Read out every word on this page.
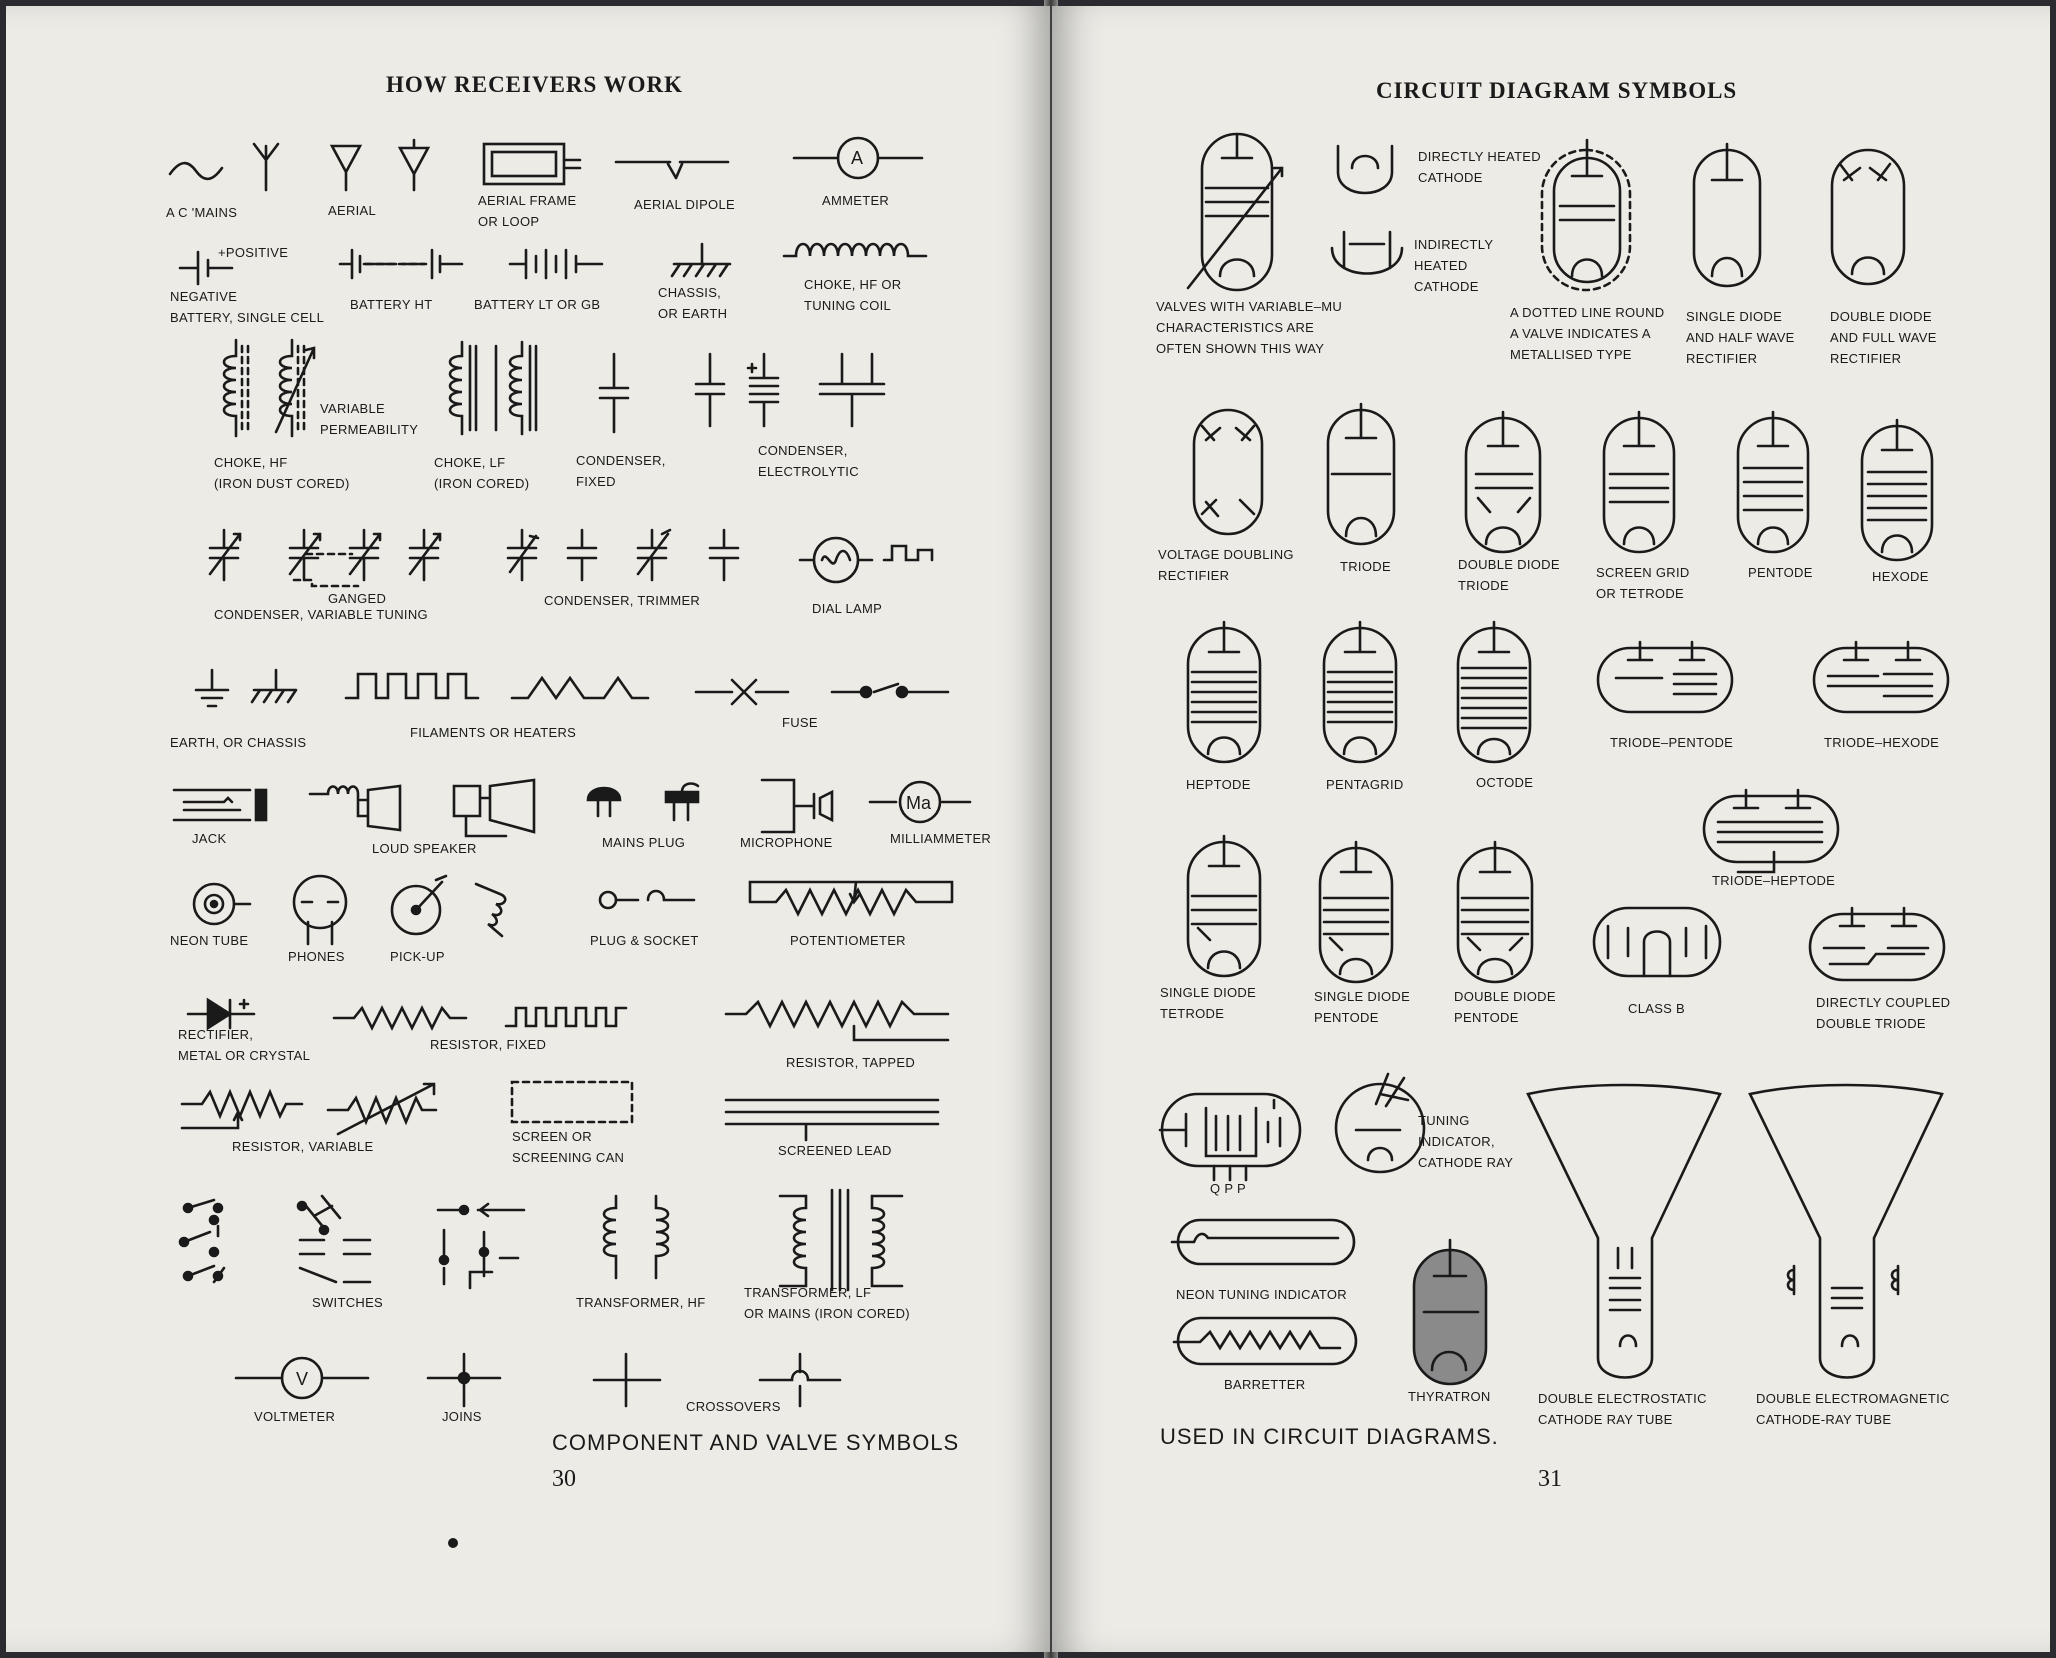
HOW RECEIVERS WORK
A C 'MAINS	AERIAL
AERIAL FRAME
OR LOOP
AERIAL DIPOLE
A
AMMETER
+POSITIVE
NEGATIVE
BATTERY, SINGLE CELL
BATTERY HT	BATTERY LT OR GB
CHASSIS,
OR EARTH
CHOKE, HF OR
TUNING COIL
VARIABLE
PERMEABILITY
CHOKE, HF
(IRON DUST CORED)
CHOKE, LF
(IRON CORED)
CONDENSER,
FIXED
CONDENSER,
ELECTROLYTIC
GANGED
CONDENSER, VARIABLE TUNING
CONDENSER, TRIMMER
DIAL LAMP
EARTH, OR CHASSIS
FILAMENTS OR HEATERS
FUSE
JACK
LOUD SPEAKER	MAINS PLUG	MICROPHONE
Ma
MILLIAMMETER
NEON TUBE
PHONES	PICK-UP
PLUG & SOCKET	POTENTIOMETER
RECTIFIER,
METAL OR CRYSTAL
RESISTOR, FIXED
RESISTOR, TAPPED
RESISTOR, VARIABLE
SCREEN OR
SCREENING CAN	SCREENED LEAD
SWITCHES	TRANSFORMER, HF
TRANSFORMER, LF
OR MAINS (IRON CORED)
V
VOLTMETER	JOINS
CROSSOVERS
COMPONENT AND VALVE SYMBOLS
30
CIRCUIT DIAGRAM SYMBOLS
VALVES WITH VARIABLE–MU
CHARACTERISTICS ARE
OFTEN SHOWN THIS WAY
DIRECTLY HEATED
CATHODE
INDIRECTLY
HEATED
CATHODE
A DOTTED LINE ROUND
A VALVE INDICATES A
METALLISED TYPE
SINGLE DIODE
AND HALF WAVE
RECTIFIER
DOUBLE DIODE
AND FULL WAVE
RECTIFIER
VOLTAGE DOUBLING
RECTIFIER
TRIODE	DOUBLE DIODE
TRIODE
SCREEN GRID
OR TETRODE
PENTODE	HEXODE
HEPTODE	PENTAGRID	OCTODE
TRIODE–PENTODE	TRIODE–HEXODE
TRIODE–HEPTODE
SINGLE DIODE
TETRODE
SINGLE DIODE
PENTODE
DOUBLE DIODE
PENTODE
CLASS B	DIRECTLY COUPLED
DOUBLE TRIODE
Q P P
TUNING
INDICATOR,
CATHODE RAY
NEON TUNING INDICATOR
BARRETTER
THYRATRON	DOUBLE ELECTROSTATIC
CATHODE RAY TUBE
DOUBLE ELECTROMAGNETIC
CATHODE-RAY TUBE
USED IN CIRCUIT DIAGRAMS.
31
